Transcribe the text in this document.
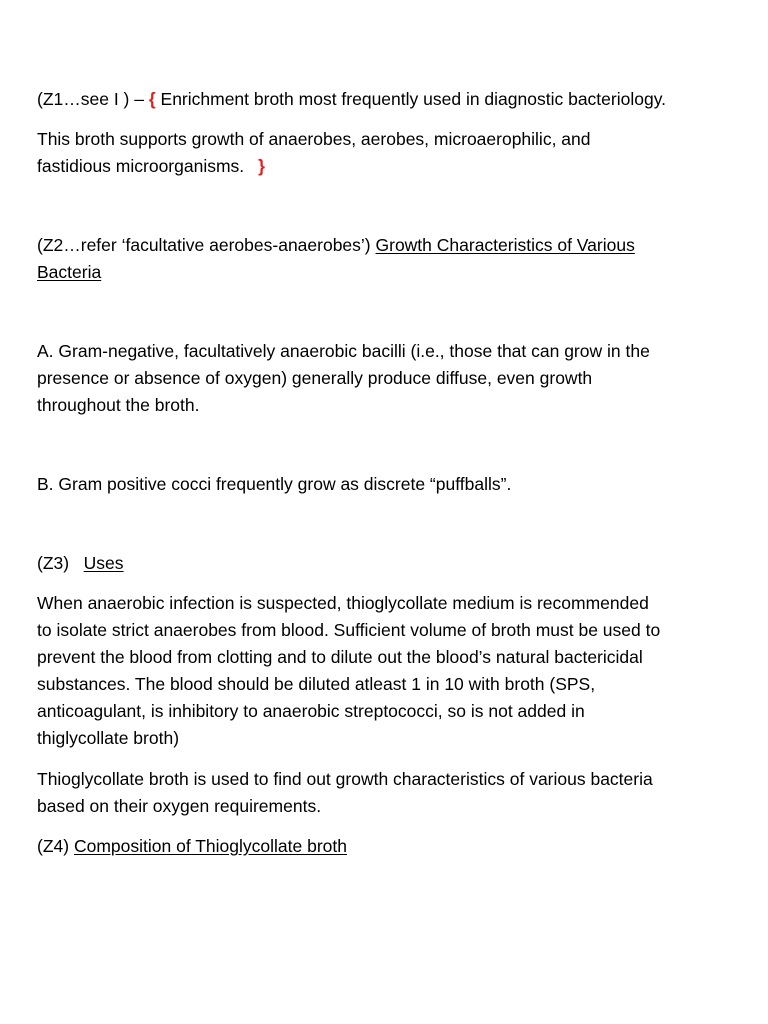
(Z1…see I ) – { Enrichment broth most frequently used in diagnostic bacteriology.

This broth supports growth of anaerobes, aerobes, microaerophilic, and

fastidious microorganisms. }

(Z2…refer ‘facultative aerobes-anaerobes’) Growth Characteristics of Various

Bacteria

A. Gram-negative, facultatively anaerobic bacilli (i.e., those that can grow in the

presence or absence of oxygen) generally produce diffuse, even growth

throughout the broth.

B. Gram positive cocci frequently grow as discrete “puffballs”.

(Z3)   Uses

When anaerobic infection is suspected, thioglycollate medium is recommended

to isolate strict anaerobes from blood. Sufficient volume of broth must be used to

prevent the blood from clotting and to dilute out the blood’s natural bactericidal

substances. The blood should be diluted atleast 1 in 10 with broth (SPS,

anticoagulant, is inhibitory to anaerobic streptococci, so is not added in

thiglycollate broth)

Thioglycollate broth is used to find out growth characteristics of various bacteria

based on their oxygen requirements.

(Z4) Composition of Thioglycollate broth
